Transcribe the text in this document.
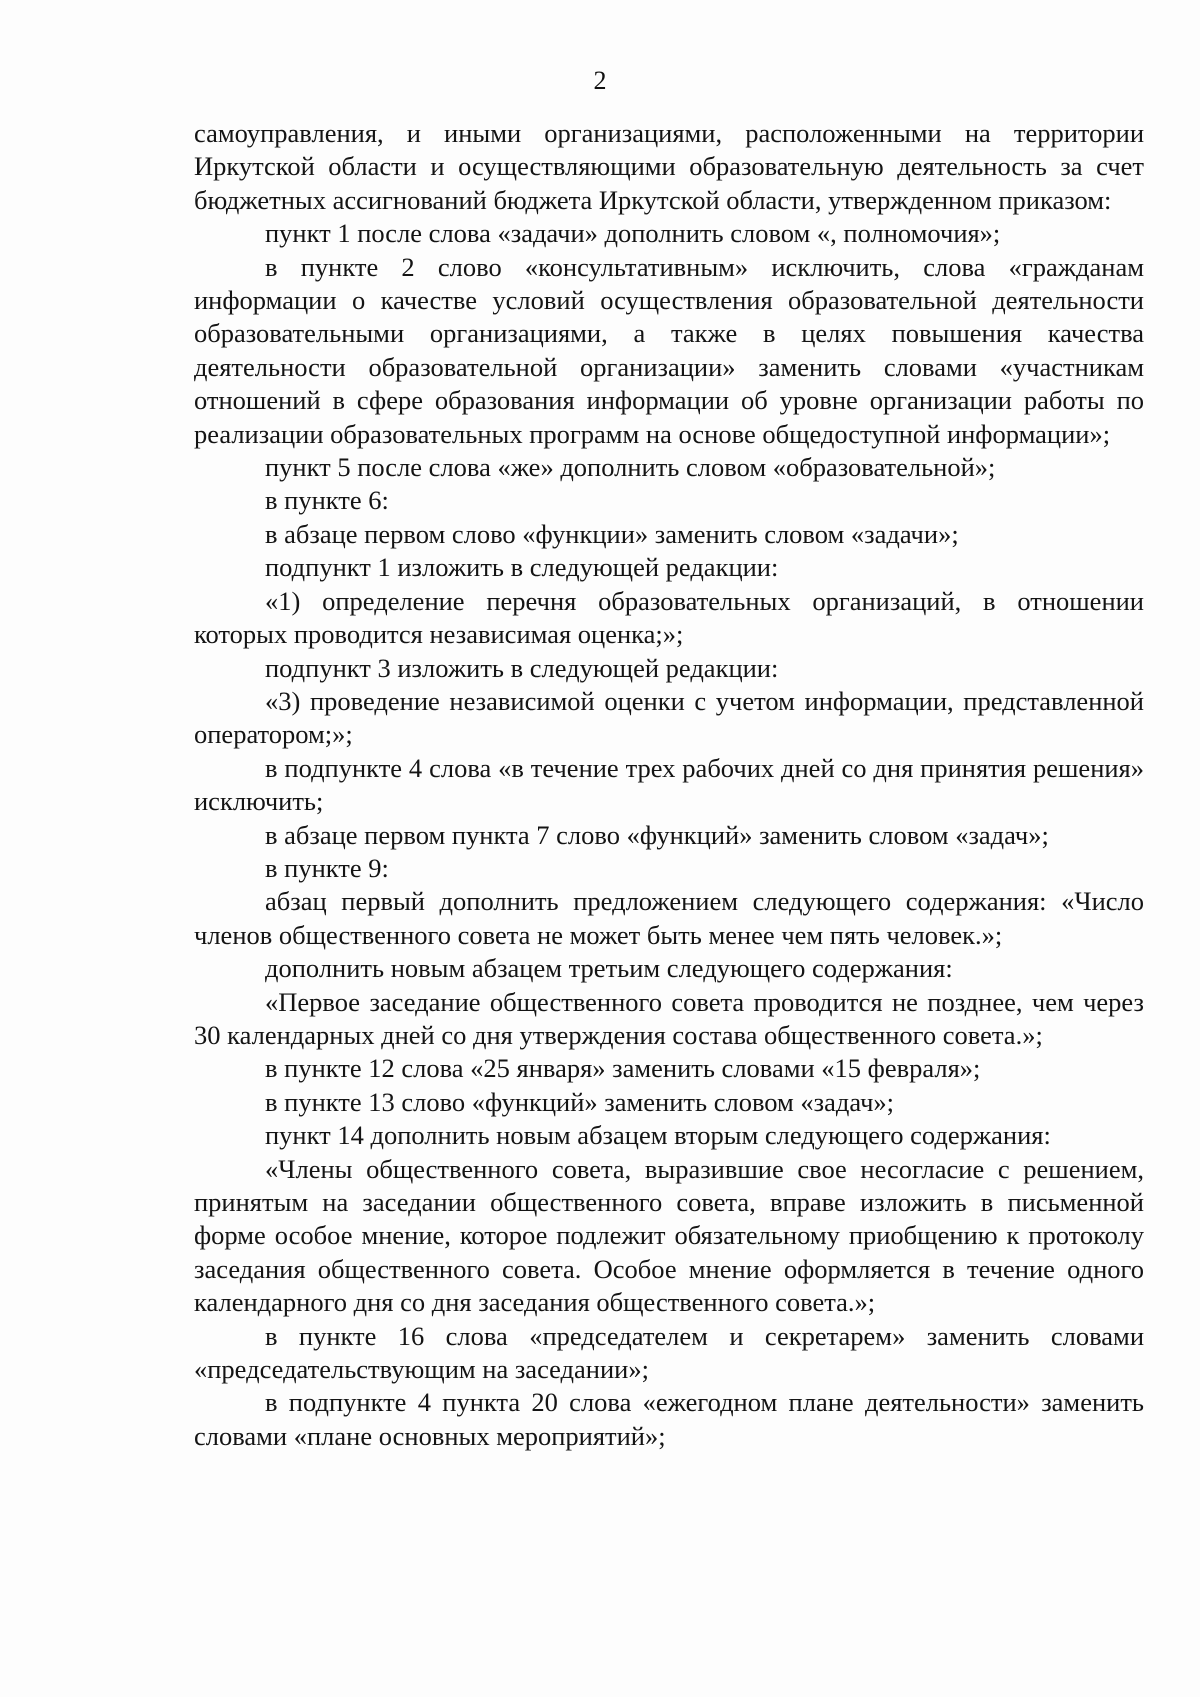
2

самоуправления, и иными организациями, расположенными на территории Иркутской области и осуществляющими образовательную деятельность за счет бюджетных ассигнований бюджета Иркутской области, утвержденном приказом:

пункт 1 после слова «задачи» дополнить словом «, полномочия»;

в пункте 2 слово «консультативным» исключить, слова «гражданам информации о качестве условий осуществления образовательной деятельности образовательными организациями, а также в целях повышения качества деятельности образовательной организации» заменить словами «участникам отношений в сфере образования информации об уровне организации работы по реализации образовательных программ на основе общедоступной информации»;

пункт 5 после слова «же» дополнить словом «образовательной»;

в пункте 6:

в абзаце первом слово «функции» заменить словом «задачи»;

подпункт 1 изложить в следующей редакции:

«1) определение перечня образовательных организаций, в отношении которых проводится независимая оценка;»;

подпункт 3 изложить в следующей редакции:

«3) проведение независимой оценки с учетом информации, представленной оператором;»;

в подпункте 4 слова «в течение трех рабочих дней со дня принятия решения» исключить;

в абзаце первом пункта 7 слово «функций» заменить словом «задач»;

в пункте 9:

абзац первый дополнить предложением следующего содержания: «Число членов общественного совета не может быть менее чем пять человек.»;

дополнить новым абзацем третьим следующего содержания:

«Первое заседание общественного совета проводится не позднее, чем через 30 календарных дней со дня утверждения состава общественного совета.»;

в пункте 12 слова «25 января» заменить словами «15 февраля»;

в пункте 13 слово «функций» заменить словом «задач»;

пункт 14 дополнить новым абзацем вторым следующего содержания:

«Члены общественного совета, выразившие свое несогласие с решением, принятым на заседании общественного совета, вправе изложить в письменной форме особое мнение, которое подлежит обязательному приобщению к протоколу заседания общественного совета. Особое мнение оформляется в течение одного календарного дня со дня заседания общественного совета.»;

в пункте 16 слова «председателем и секретарем» заменить словами «председательствующим на заседании»;

в подпункте 4 пункта 20 слова «ежегодном плане деятельности» заменить словами «плане основных мероприятий»;
